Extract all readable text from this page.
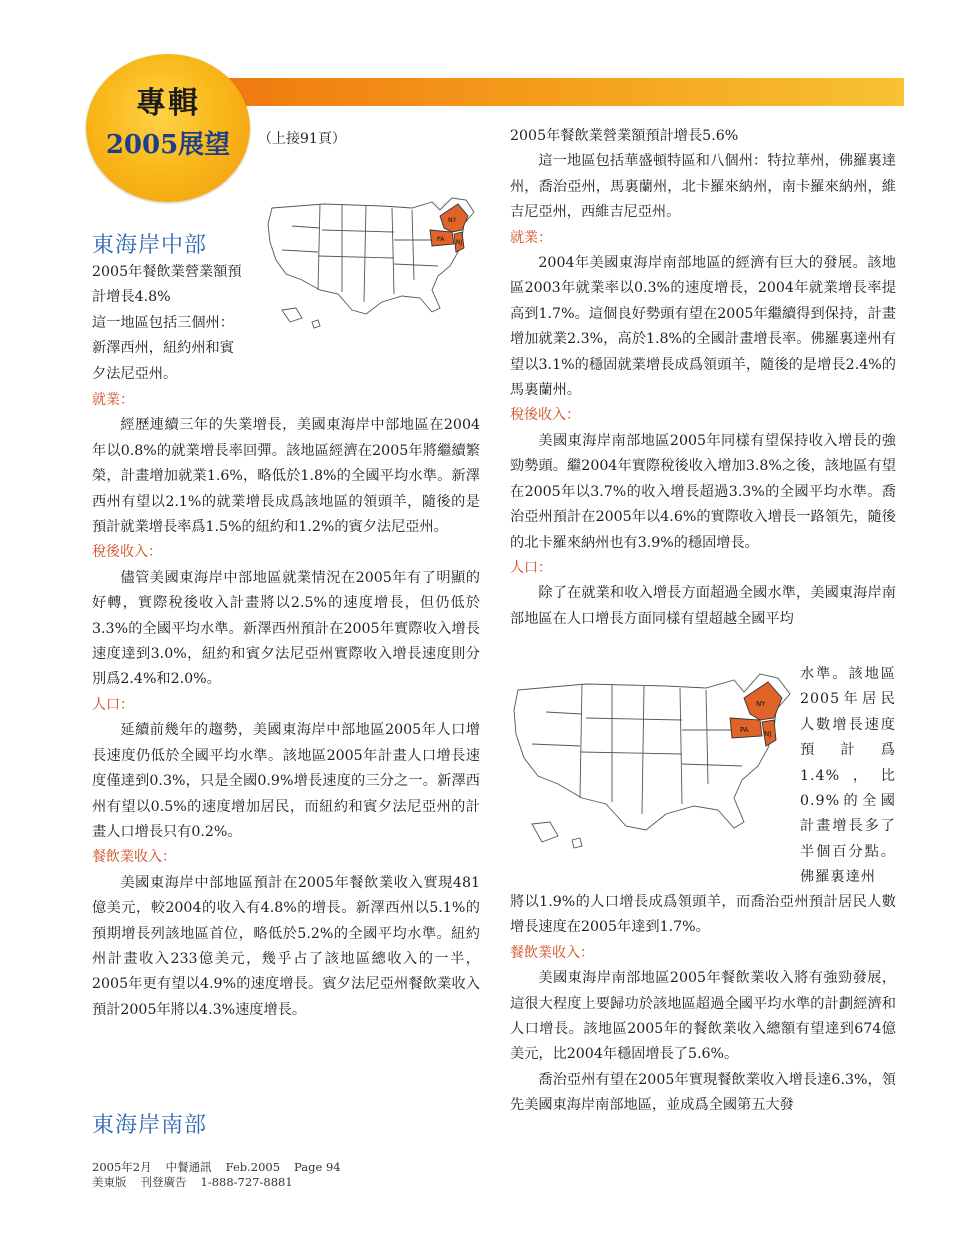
專輯
2005展望	（上接91頁）
NY
PA NJ
東海岸中部
2005年餐飲業營業額預
計增長4.8%
這一地區包括三個州：
新澤西州，紐約州和賓
夕法尼亞州。
就業：

經歷連續三年的失業增長，美國東海岸中部地區在2004年以0.8%的就業增長率回彈。該地區經濟在2005年將繼續繁榮，計畫增加就業1.6%，略低於1.8%的全國平均水準。新澤西州有望以2.1%的就業增長成爲該地區的領頭羊，隨後的是預計就業增長率爲1.5%的紐約和1.2%的賓夕法尼亞州。

稅後收入：

儘管美國東海岸中部地區就業情況在2005年有了明顯的好轉，實際稅後收入計畫將以2.5%的速度增長，但仍低於3.3%的全國平均水準。新澤西州預計在2005年實際收入增長速度達到3.0%，紐約和賓夕法尼亞州實際收入增長速度則分別爲2.4%和2.0%。

人口：

延續前幾年的趨勢，美國東海岸中部地區2005年人口增長速度仍低於全國平均水準。該地區2005年計畫人口增長速度僅達到0.3%，只是全國0.9%增長速度的三分之一。新澤西州有望以0.5%的速度增加居民，而紐約和賓夕法尼亞州的計畫人口增長只有0.2%。

餐飲業收入：

美國東海岸中部地區預計在2005年餐飲業收入實現481億美元，較2004的收入有4.8%的增長。新澤西州以5.1%的預期增長列該地區首位，略低於5.2%的全國平均水準。紐約州計畫收入233億美元，幾乎占了該地區總收入的一半，2005年更有望以4.9%的速度增長。賓夕法尼亞州餐飲業收入預計2005年將以4.3%速度增長。

東海岸南部
2005年餐飲業營業額預計增長5.6%

這一地區包括華盛頓特區和八個州：特拉華州，佛羅裏達州，喬治亞州，馬裏蘭州，北卡羅來納州，南卡羅來納州，維吉尼亞州，西維吉尼亞州。

就業：

2004年美國東海岸南部地區的經濟有巨大的發展。該地區2003年就業率以0.3%的速度增長，2004年就業增長率提高到1.7%。這個良好勢頭有望在2005年繼續得到保持，計畫增加就業2.3%，高於1.8%的全國計畫增長率。佛羅裏達州有望以3.1%的穩固就業增長成爲領頭羊，隨後的是增長2.4%的馬裏蘭州。

稅後收入：

美國東海岸南部地區2005年同樣有望保持收入增長的強勁勢頭。繼2004年實際稅後收入增加3.8%之後，該地區有望在2005年以3.7%的收入增長超過3.3%的全國平均水準。喬治亞州預計在2005年以4.6%的實際收入增長一路領先，隨後的北卡羅來納州也有3.9%的穩固增長。

人口：

除了在就業和收入增長方面超過全國水準，美國東海岸南部地區在人口增長方面同樣有望超越全國平均

NY
PA NJ

水準。該地區2005年居民人數增長速度預計爲1.4%，比0.9%的全國計畫增長多了半個百分點。佛羅裏達州

將以1.9%的人口增長成爲領頭羊，而喬治亞州預計居民人數增長速度在2005年達到1.7%。

餐飲業收入：

美國東海岸南部地區2005年餐飲業收入將有強勁發展，這很大程度上要歸功於該地區超過全國平均水準的計劃經濟和人口增長。該地區2005年的餐飲業收入總額有望達到674億美元，比2004年穩固增長了5.6%。

喬治亞州有望在2005年實現餐飲業收入增長達6.3%，領先美國東海岸南部地區，並成爲全國第五大發

2005年2月 中餐通訊 Feb.2005 Page 94
美東版 刊登廣告 1-888-727-8881
